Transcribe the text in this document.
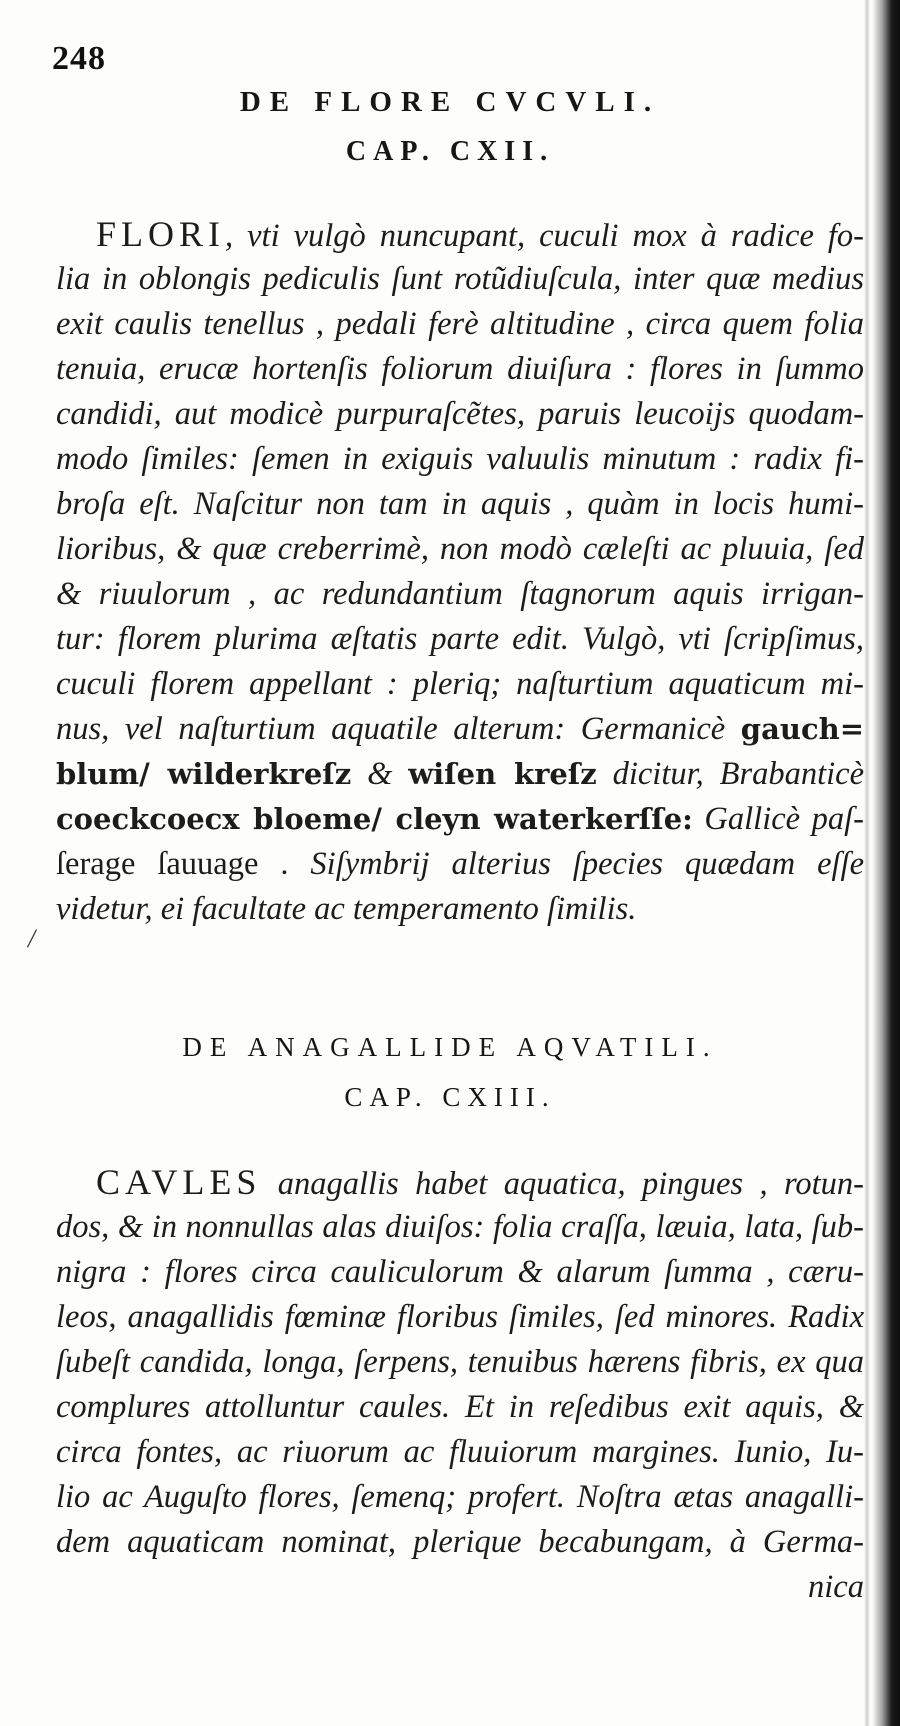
248
DE FLORE CVCVLI.
CAP. CXII.
FLORI, vti vulgò nuncupant, cuculi mox à radice fo-
lia in oblongis pediculis ſunt rotũdiuſcula, inter quæ medius
exit caulis tenellus , pedali ferè altitudine , circa quem folia
tenuia, erucæ hortenſis foliorum diuiſura : flores in ſummo
candidi, aut modicè purpuraſcẽtes, paruis leucoijs quodam-
modo ſimiles: ſemen in exiguis valuulis minutum : radix fi-
broſa eſt. Naſcitur non tam in aquis , quàm in locis humi-
lioribus, & quæ creberrimè, non modò cæleſti ac pluuia, ſed
& riuulorum , ac redundantium ſtagnorum aquis irrigan-
tur: florem plurima æſtatis parte edit. Vulgò, vti ſcripſimus,
cuculi florem appellant : pleriq; naſturtium aquaticum mi-
nus, vel naſturtium aquatile alterum: Germanicè gauch=
blum/ wilderkreſz & wiſen kreſz dicitur, Brabanticè
coeckcoecx bloeme/ cleyn waterkerſſe: Gallicè paſ-
ſerage ſauuage . Siſymbrij alterius ſpecies quædam eſſe
videtur, ei facultate ac temperamento ſimilis.
/
DE ANAGALLIDE AQVATILI.
CAP. CXIII.
CAVLES anagallis habet aquatica, pingues , rotun-
dos, & in nonnullas alas diuiſos: folia craſſa, læuia, lata, ſub-
nigra : flores circa cauliculorum & alarum ſumma , cæru-
leos, anagallidis fœminæ floribus ſimiles, ſed minores. Radix
ſubeſt candida, longa, ſerpens, tenuibus hærens fibris, ex qua
complures attolluntur caules. Et in reſedibus exit aquis, &
circa fontes, ac riuorum ac fluuiorum margines. Iunio, Iu-
lio ac Auguſto flores, ſemenq; profert. Noſtra ætas anagalli-
dem aquaticam nominat, plerique becabungam, à Germa-
nica
